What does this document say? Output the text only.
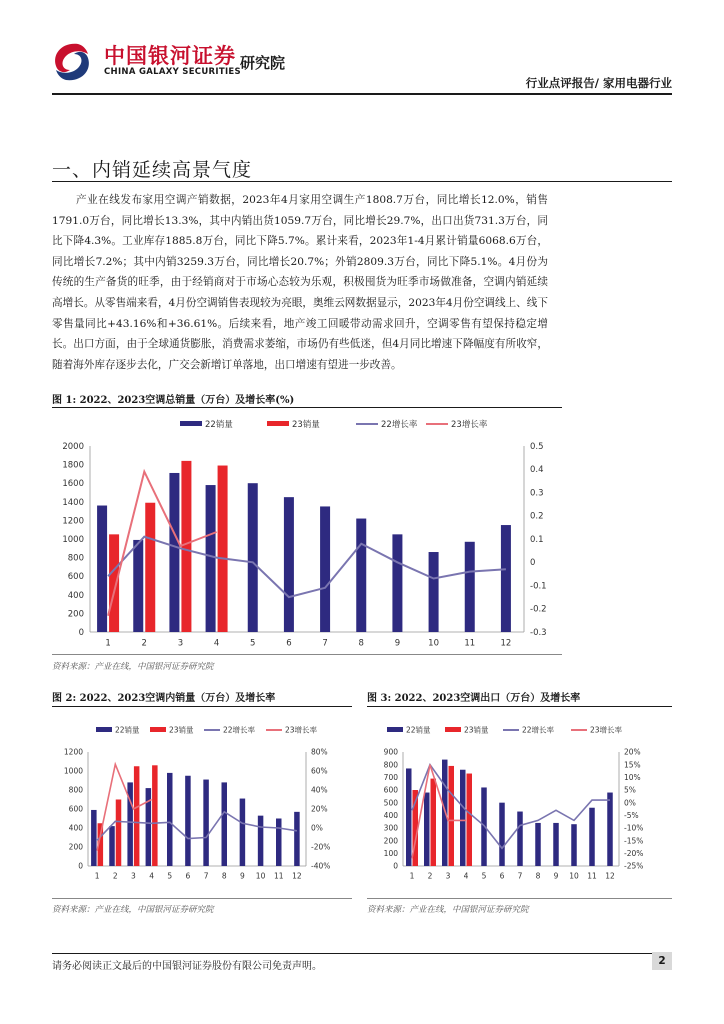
中国银河证券
CHINA GALAXY SECURITIES 研究院
行业点评报告/ 家用电器行业
一、内销延续高景气度
产业在线发布家用空调产销数据，2023年4月家用空调生产1808.7万台，同比增长12.0%，销售1791.0万台，同比增长13.3%，其中内销出货1059.7万台，同比增长29.7%，出口出货731.3万台，同比下降4.3%。工业库存1885.8万台，同比下降5.7%。累计来看，2023年1-4月累计销量6068.6万台，同比增长7.2%；其中内销3259.3万台，同比增长20.7%；外销2809.3万台，同比下降5.1%。4月份为传统的生产备货的旺季，由于经销商对于市场心态较为乐观，积极囤货为旺季市场做准备，空调内销延续高增长。从零售端来看，4月份空调销售表现较为亮眼，奥维云网数据显示，2023年4月份空调线上、线下零售量同比+43.16%和+36.61%。后续来看，地产竣工回暖带动需求回升，空调零售有望保持稳定增长。出口方面，由于全球通货膨胀，消费需求萎缩，市场仍有些低迷，但4月同比增速下降幅度有所收窄，随着海外库存逐步去化，广交会新增订单落地，出口增速有望进一步改善。
图 1: 2022、2023空调总销量（万台）及增长率(%)
0
200
400
600
800
1000
1200
1400
1600
1800
2000
-0.3
-0.2
-0.1
0
0.1
0.2
0.3
0.4
0.5
1	2	3	4	5	6	7	8	9	10	11	12
22销量	23销量	22增长率	23增长率
资料来源：产业在线，中国银河证券研究院
图 2: 2022、2023空调内销量（万台）及增长率
0
200
400
600
800
1000
1200
-40%
-20%
0%
20%
40%
60%
80%
1 2 3 4 5 6 7 8 9 10 11 12
22销量	23销量	22增长率	23增长率
资料来源：产业在线，中国银河证券研究院
图 3: 2022、2023空调出口（万台）及增长率
0
100
200
300
400
500
600
700
800
900
-25%
-20%
-15%
-10%
-5%
0%
5%
10%
15%
20%
1 2 3 4 5 6 7 8 9 10 11 12
22销量	23销量	22增长率	23增长率
资料来源：产业在线，中国银河证券研究院
请务必阅读正文最后的中国银河证券股份有限公司免责声明。	2
